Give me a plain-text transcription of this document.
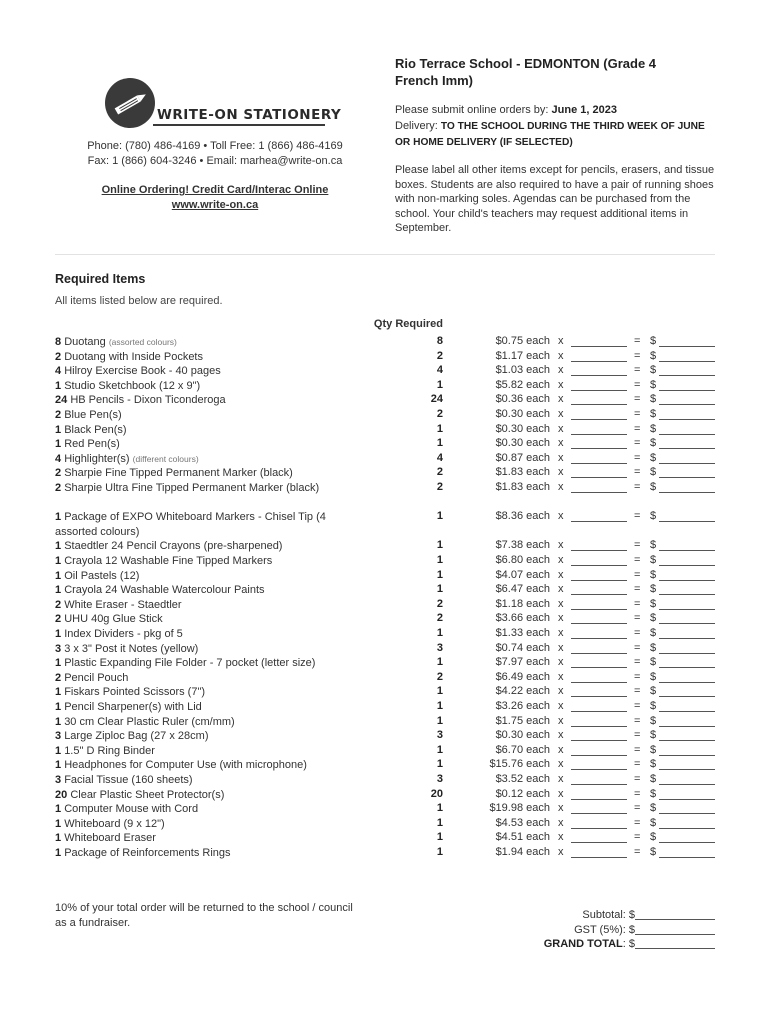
WRITE-ON STATIONERY
Phone: (780) 486-4169 • Toll Free: 1 (866) 486-4169
Fax: 1 (866) 604-3246 • Email: marhea@write-on.ca
Online Ordering! Credit Card/Interac Online
www.write-on.ca
Rio Terrace School - EDMONTON (Grade 4 French Imm)
Please submit online orders by: June 1, 2023
Delivery: TO THE SCHOOL DURING THE THIRD WEEK OF JUNE OR HOME DELIVERY (IF SELECTED)
Please label all other items except for pencils, erasers, and tissue boxes. Students are also required to have a pair of running shoes with non-marking soles. Agendas can be purchased from the school. Your child's teachers may request additional items in September.
Required Items
All items listed below are required.
Qty Required
8 Duotang (assorted colours)	8	$0.75 each x	= $
2 Duotang with Inside Pockets	2	$1.17 each x	= $
4 Hilroy Exercise Book - 40 pages	4	$1.03 each x	= $
1 Studio Sketchbook (12 x 9")	1	$5.82 each x	= $
24 HB Pencils - Dixon Ticonderoga	24	$0.36 each x	= $
2 Blue Pen(s)	2	$0.30 each x	= $
1 Black Pen(s)	1	$0.30 each x	= $
1 Red Pen(s)	1	$0.30 each x	= $
4 Highlighter(s) (different colours)	4	$0.87 each x	= $
2 Sharpie Fine Tipped Permanent Marker (black)	2	$1.83 each x	= $
2 Sharpie Ultra Fine Tipped Permanent Marker (black)	2	$1.83 each x	= $
1 Package of EXPO Whiteboard Markers - Chisel Tip (4 assorted colours)
1	$8.36 each x	= $
1 Staedtler 24 Pencil Crayons (pre-sharpened)	1	$7.38 each x	= $
1 Crayola 12 Washable Fine Tipped Markers	1	$6.80 each x	= $
1 Oil Pastels (12)	1	$4.07 each x	= $
1 Crayola 24 Washable Watercolour Paints	1	$6.47 each x	= $
2 White Eraser - Staedtler	2	$1.18 each x	= $
2 UHU 40g Glue Stick	2	$3.66 each x	= $
1 Index Dividers - pkg of 5	1	$1.33 each x	= $
3 3 x 3" Post it Notes (yellow)	3	$0.74 each x	= $
1 Plastic Expanding File Folder - 7 pocket (letter size)	1	$7.97 each x	= $
2 Pencil Pouch	2	$6.49 each x	= $
1 Fiskars Pointed Scissors (7")	1	$4.22 each x	= $
1 Pencil Sharpener(s) with Lid	1	$3.26 each x	= $
1 30 cm Clear Plastic Ruler (cm/mm)	1	$1.75 each x	= $
3 Large Ziploc Bag (27 x 28cm)	3	$0.30 each x	= $
1 1.5" D Ring Binder	1	$6.70 each x	= $
1 Headphones for Computer Use (with microphone)	1	$15.76 each x	= $
3 Facial Tissue (160 sheets)	3	$3.52 each x	= $
20 Clear Plastic Sheet Protector(s)	20	$0.12 each x	= $
1 Computer Mouse with Cord	1	$19.98 each x	= $
1 Whiteboard (9 x 12")	1	$4.53 each x	= $
1 Whiteboard Eraser	1	$4.51 each x	= $
1 Package of Reinforcements Rings	1	$1.94 each x	= $
10% of your total order will be returned to the school / council as a fundraiser.
Subtotal: $
GST (5%): $
GRAND TOTAL: $
